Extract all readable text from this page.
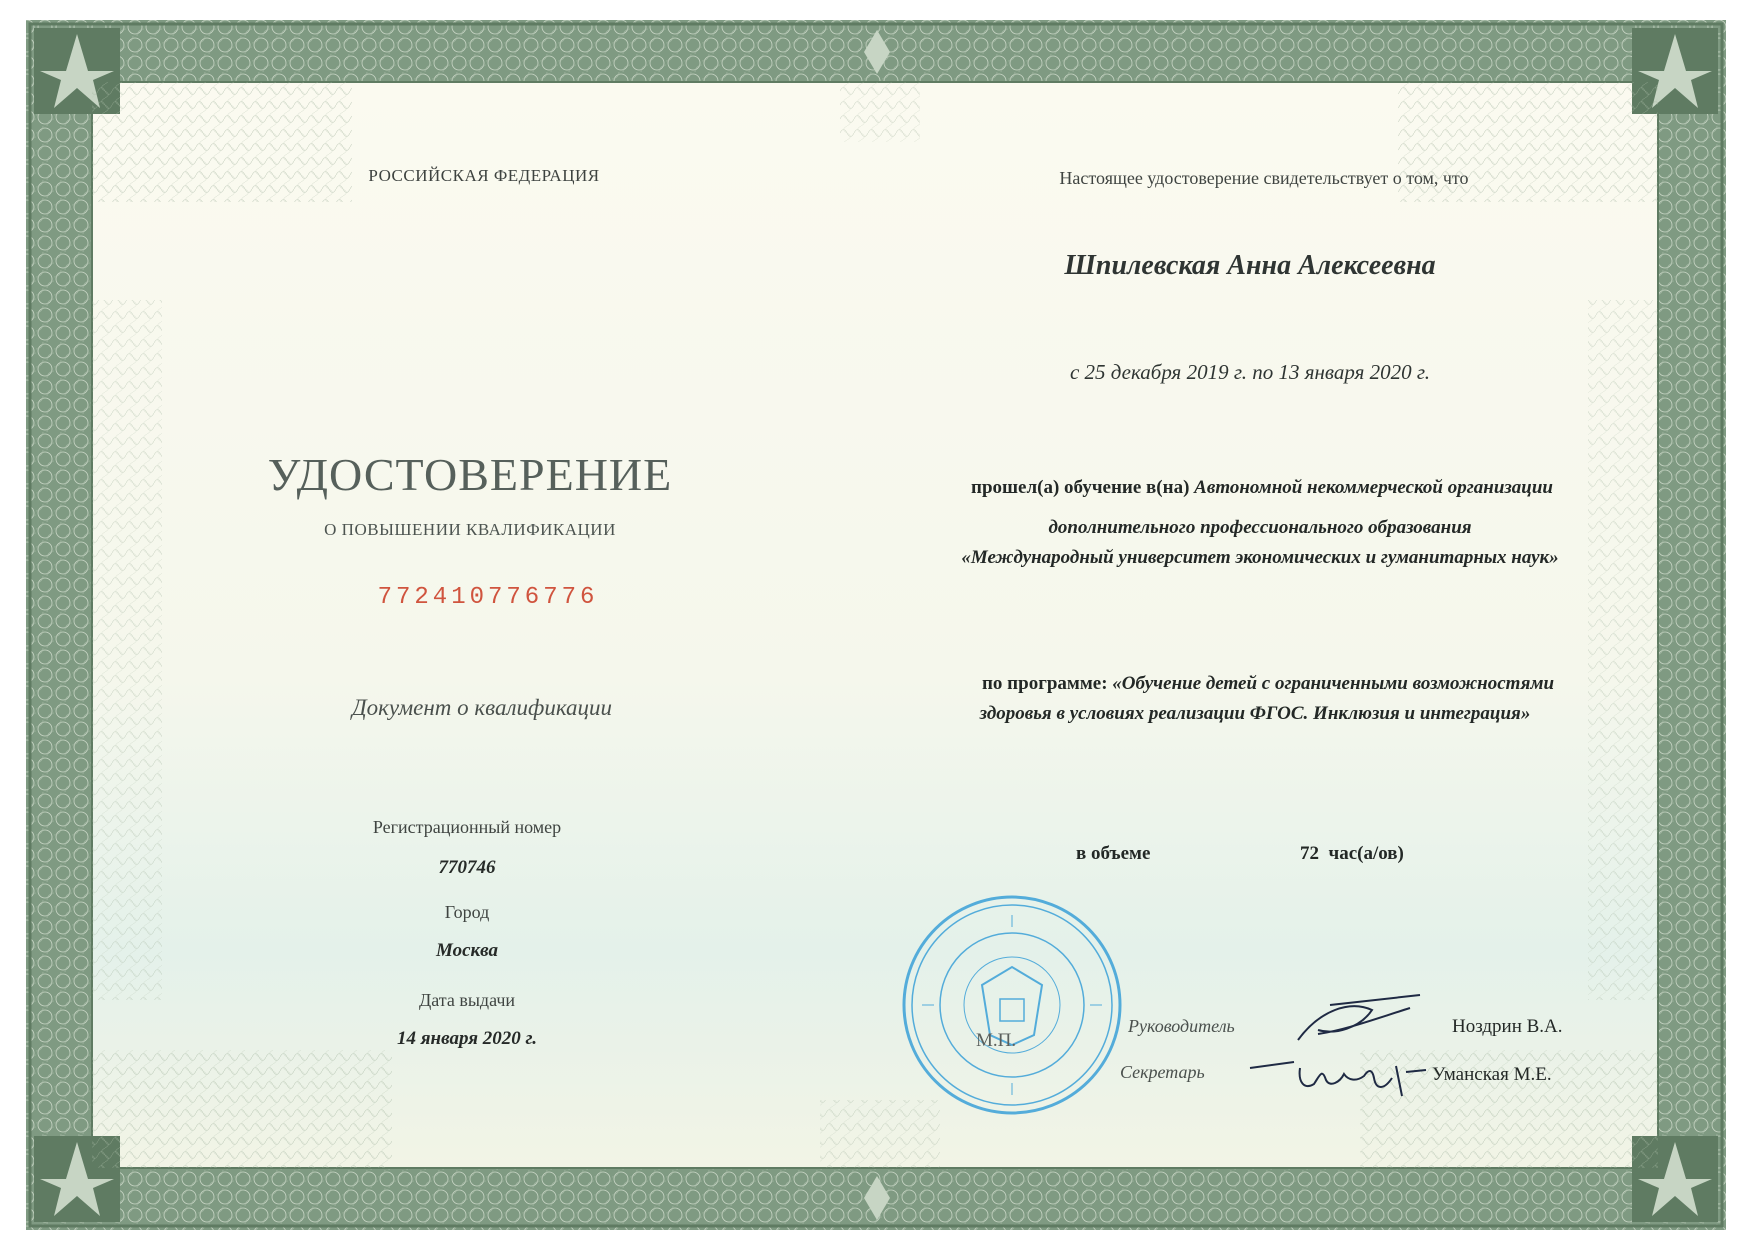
РОССИЙСКАЯ ФЕДЕРАЦИЯ
УДОСТОВЕРЕНИЕ
О ПОВЫШЕНИИ КВАЛИФИКАЦИИ
772410776776
Документ о квалификации
Регистрационный номер
770746
Город
Москва
Дата выдачи
14 января 2020 г.
Настоящее удостоверение свидетельствует о том, что
Шпилевская Анна Алексеевна
с 25 декабря 2019 г. по 13 января 2020 г.
прошел(а) обучение в(на) Автономной некоммерческой организации
дополнительного профессионального образования
«Международный университет экономических и гуманитарных наук»
по программе: «Обучение детей с ограниченными возможностями
здоровья в условиях реализации ФГОС. Инклюзия и интеграция»
в объеме	72 час(а/ов)
М.П.
Руководитель	Ноздрин В.А.
Секретарь	Уманская М.Е.
